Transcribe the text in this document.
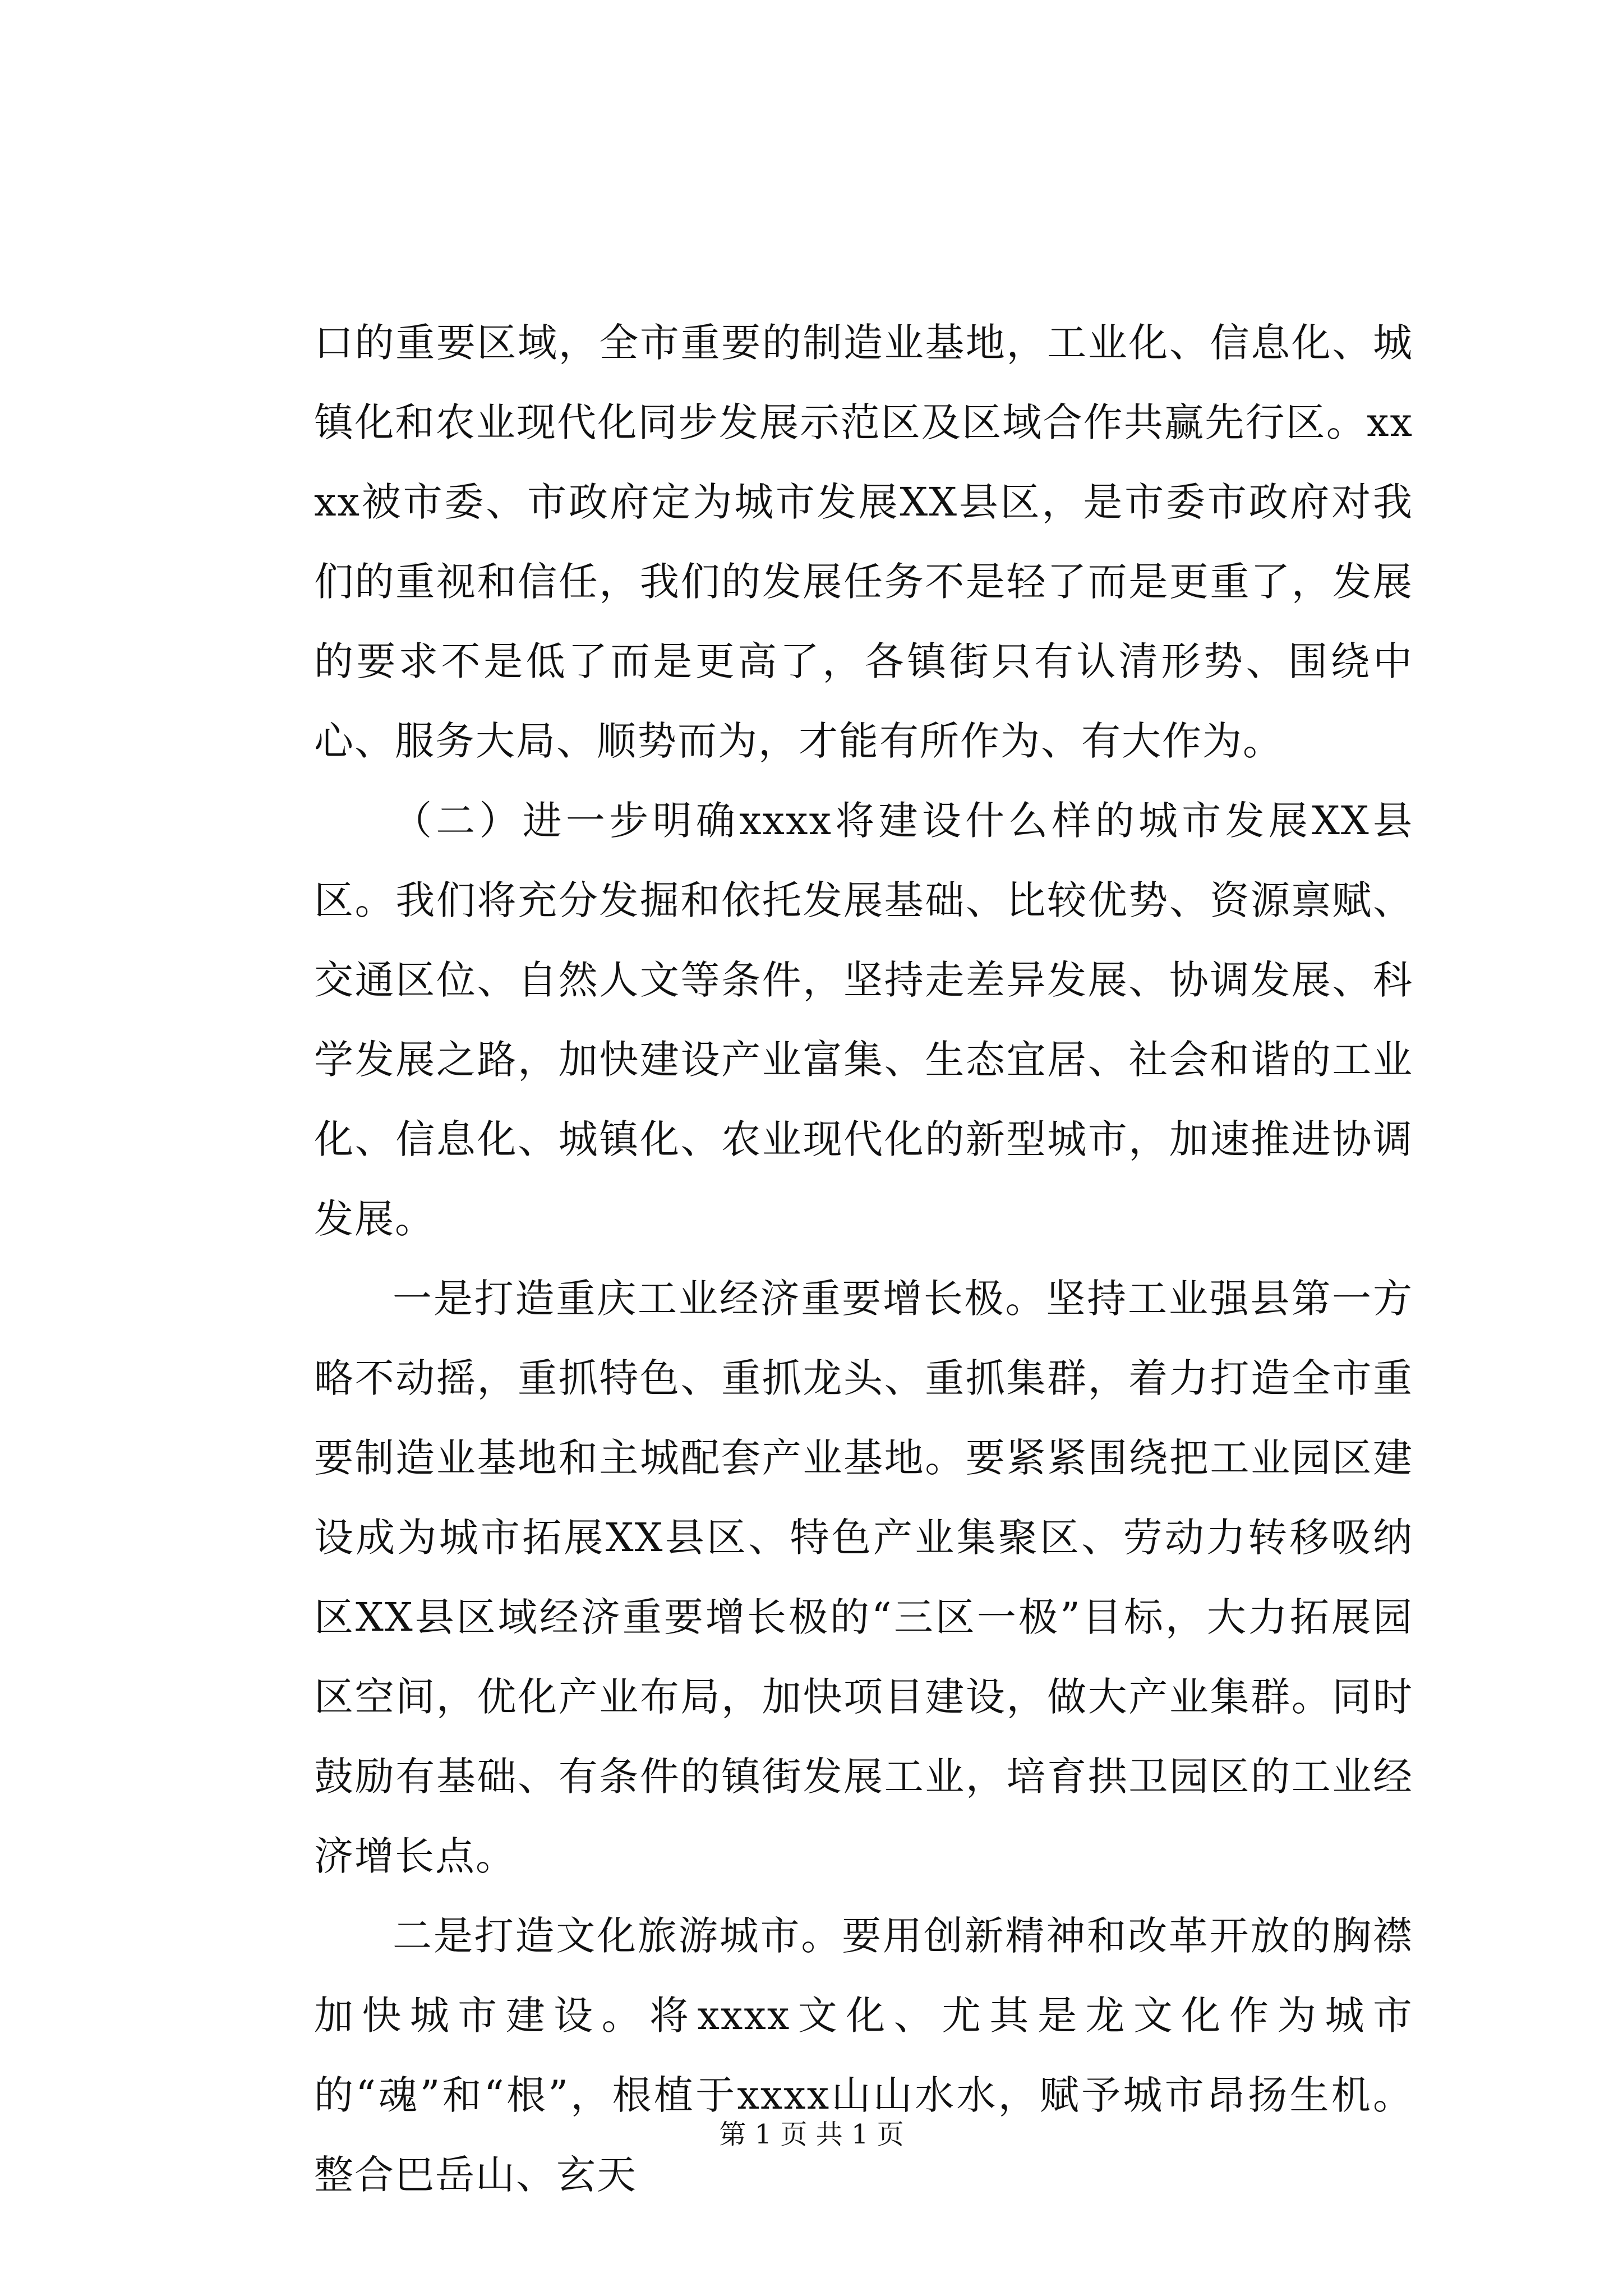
口的重要区域，全市重要的制造业基地，工业化、信息化、城镇化和农业现代化同步发展示范区及区域合作共赢先行区。xxxx被市委、市政府定为城市发展XX县区，是市委市政府对我们的重视和信任，我们的发展任务不是轻了而是更重了，发展的要求不是低了而是更高了，各镇街只有认清形势、围绕中心、服务大局、顺势而为，才能有所作为、有大作为。

（二）进一步明确xxxx将建设什么样的城市发展XX县区。我们将充分发掘和依托发展基础、比较优势、资源禀赋、交通区位、自然人文等条件，坚持走差异发展、协调发展、科学发展之路，加快建设产业富集、生态宜居、社会和谐的工业化、信息化、城镇化、农业现代化的新型城市，加速推进协调发展。

一是打造重庆工业经济重要增长极。坚持工业强县第一方略不动摇，重抓特色、重抓龙头、重抓集群，着力打造全市重要制造业基地和主城配套产业基地。要紧紧围绕把工业园区建设成为城市拓展XX县区、特色产业集聚区、劳动力转移吸纳区XX县区域经济重要增长极的“三区一极”目标，大力拓展园区空间，优化产业布局，加快项目建设，做大产业集群。同时鼓励有基础、有条件的镇街发展工业，培育拱卫园区的工业经济增长点。

二是打造文化旅游城市。要用创新精神和改革开放的胸襟加快城市建设。将xxxx文化、尤其是龙文化作为城市的“魂”和“根”，根植于xxxx山山水水，赋予城市昂扬生机。整合巴岳山、玄天

第 1 页 共 1 页
